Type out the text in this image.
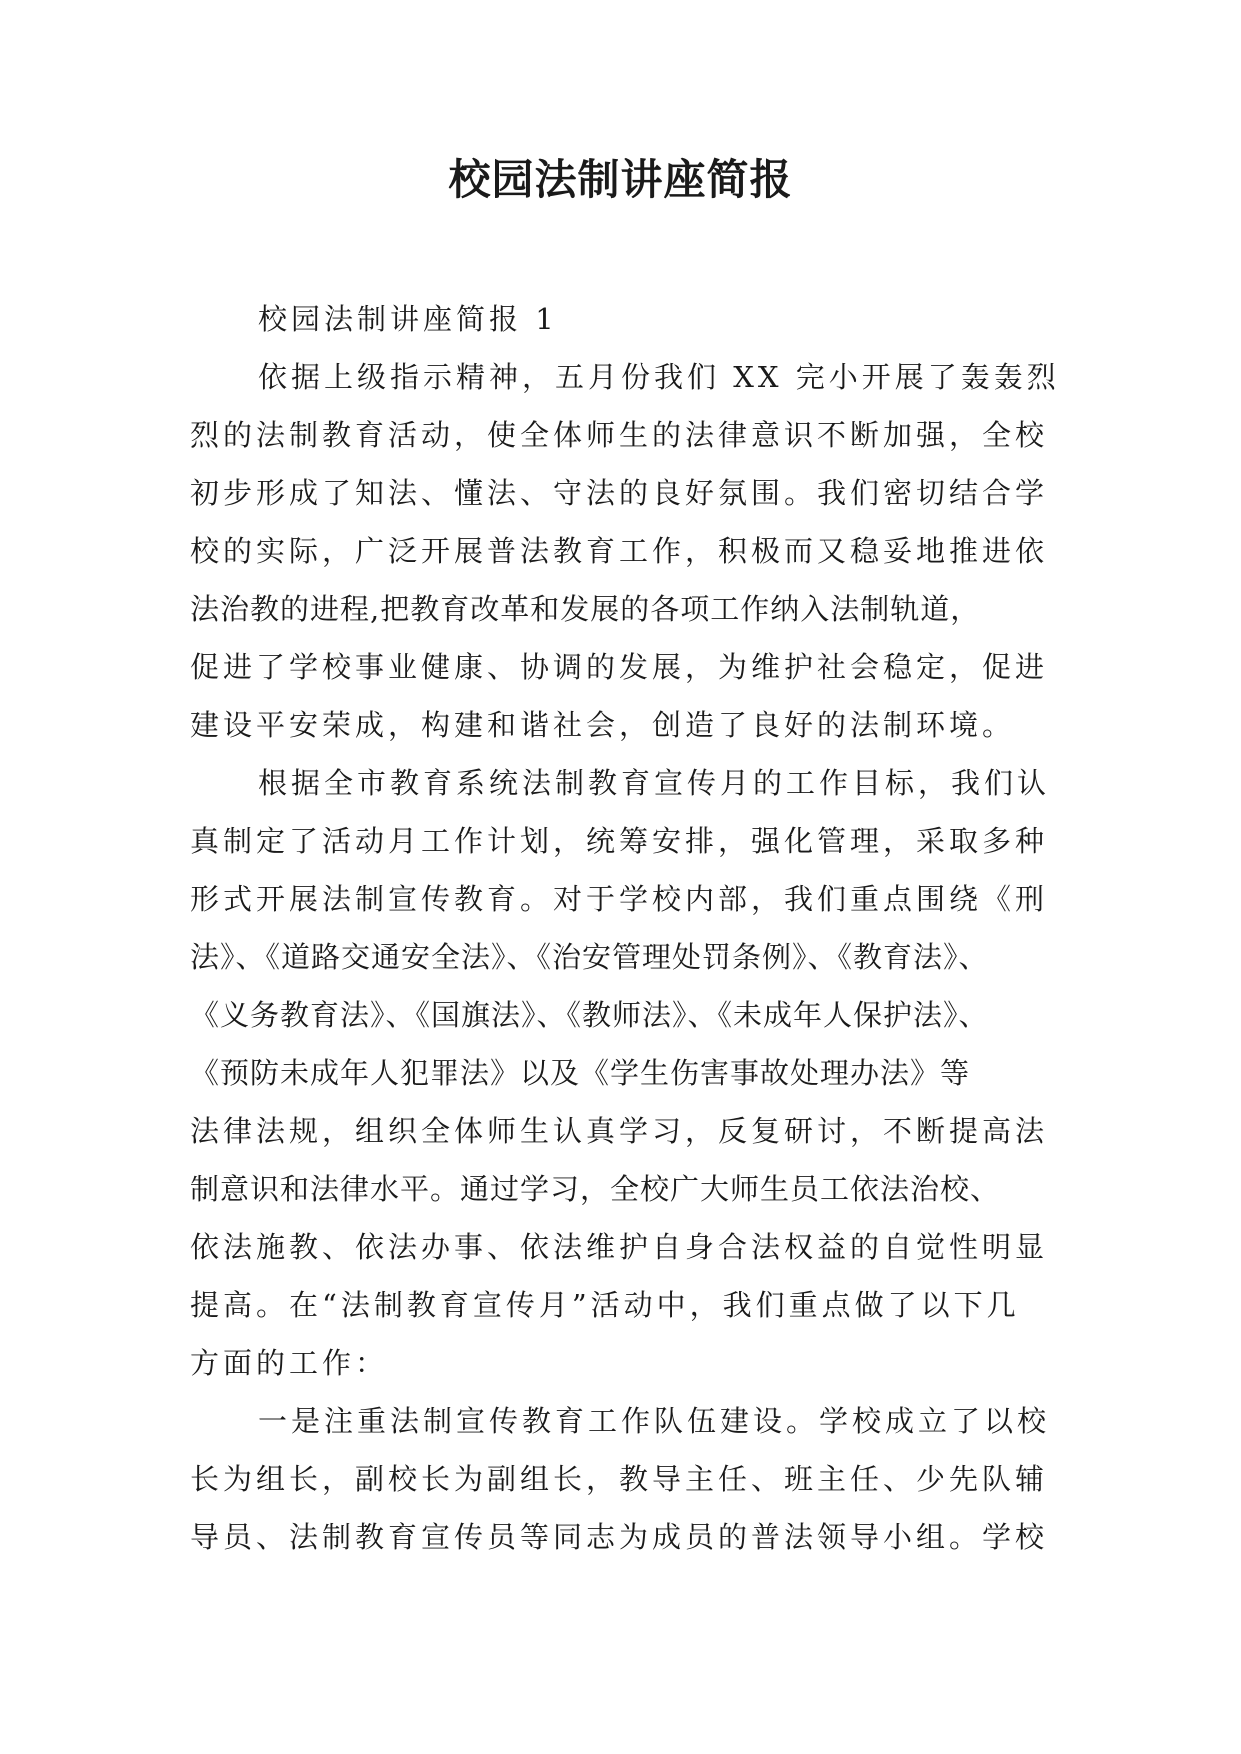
校园法制讲座简报
校园法制讲座简报 1
依据上级指示精神，五月份我们 XX 完小开展了轰轰烈
烈的法制教育活动，使全体师生的法律意识不断加强，全校
初步形成了知法、懂法、守法的良好氛围。我们密切结合学
校的实际，广泛开展普法教育工作，积极而又稳妥地推进依
法治教的进程,把教育改革和发展的各项工作纳入法制轨道，
促进了学校事业健康、协调的发展，为维护社会稳定，促进
建设平安荣成，构建和谐社会，创造了良好的法制环境。
根据全市教育系统法制教育宣传月的工作目标，我们认
真制定了活动月工作计划，统筹安排，强化管理，采取多种
形式开展法制宣传教育。对于学校内部，我们重点围绕《刑
法》、《道路交通安全法》、《治安管理处罚条例》、《教育法》、
《义务教育法》、《国旗法》、《教师法》、《未成年人保护法》、
《预防未成年人犯罪法》以及《学生伤害事故处理办法》等
法律法规，组织全体师生认真学习，反复研讨，不断提高法
制意识和法律水平。通过学习，全校广大师生员工依法治校、
依法施教、依法办事、依法维护自身合法权益的自觉性明显
提高。在“法制教育宣传月”活动中，我们重点做了以下几
方面的工作：
一是注重法制宣传教育工作队伍建设。学校成立了以校
长为组长，副校长为副组长，教导主任、班主任、少先队辅
导员、法制教育宣传员等同志为成员的普法领导小组。学校
